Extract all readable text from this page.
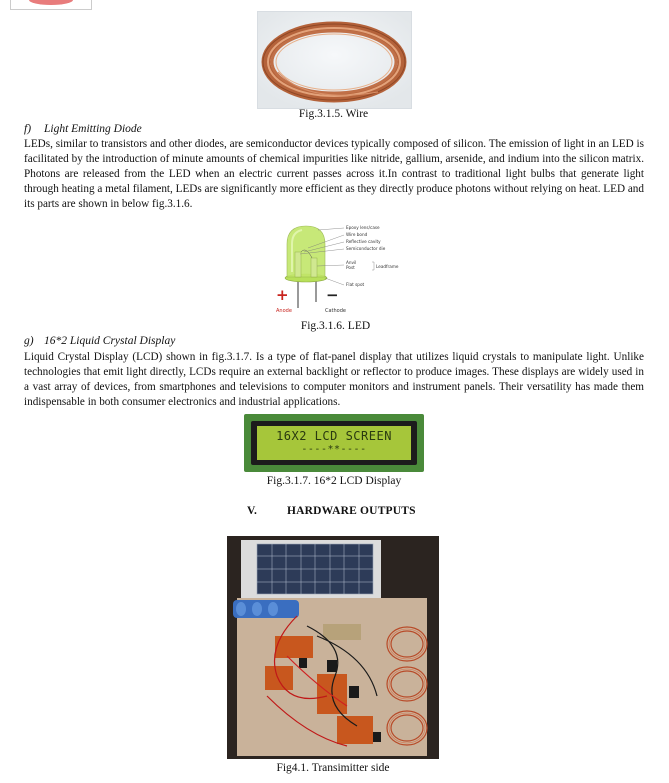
Fig.3.1.5. Wire
f) Light Emitting Diode
LEDs, similar to transistors and other diodes, are semiconductor devices typically composed of silicon. The emission of light in an LED is facilitated by the introduction of minute amounts of chemical impurities like nitride, gallium, arsenide, and indium into the silicon matrix. Photons are released from the LED when an electric current passes across it.In contrast to traditional light bulbs that generate light through heating a metal filament, LEDs are significantly more efficient as they directly produce photons without relying on heat. LED and its parts are shown in below fig.3.1.6.
+ −
Epoxy lens/case
Wire bond
Reflective cavity
Semiconductor die
Anvil
Post	Leadframe
Flat spot
Anode	Cathode
Fig.3.1.6. LED
g) 16*2 Liquid Crystal Display
Liquid Crystal Display (LCD) shown in fig.3.1.7. Is a type of flat-panel display that utilizes liquid crystals to manipulate light. Unlike technologies that emit light directly, LCDs require an external backlight or reflector to produce images. These displays are widely used in a vast array of devices, from smartphones and televisions to computer monitors and instrument panels. Their versatility has made them indispensable in both consumer electronics and industrial applications.
16X2 LCD SCREEN
----**----
Fig.3.1.7. 16*2 LCD Display
V.	HARDWARE OUTPUTS
Fig4.1. Transimitter side
